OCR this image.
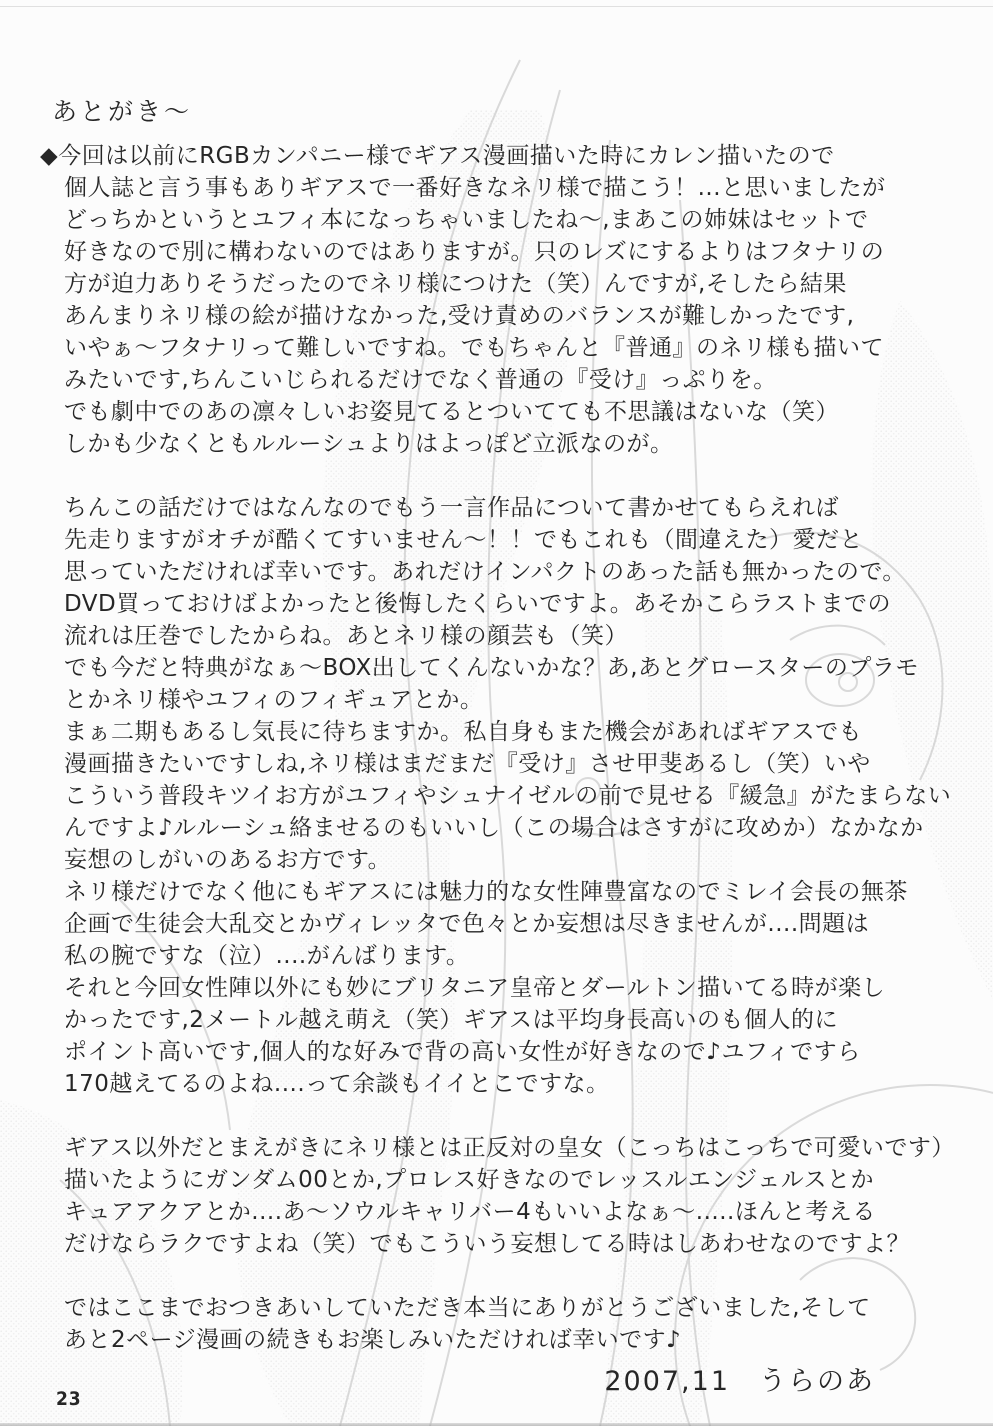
あとがき～
◆今回は以前にRGBカンパニー様でギアス漫画描いた時にカレン描いたので
個人誌と言う事もありギアスで一番好きなネリ様で描こう！...と思いましたが
どっちかというとユフィ本になっちゃいましたね～,まあこの姉妹はセットで
好きなので別に構わないのではありますが。只のレズにするよりはフタナリの
方が迫力ありそうだったのでネリ様につけた（笑）んですが,そしたら結果
あんまりネリ様の絵が描けなかった,受け責めのバランスが難しかったです,
いやぁ～フタナリって難しいですね。でもちゃんと『普通』のネリ様も描いて
みたいです,ちんこいじられるだけでなく普通の『受け』っぷりを。
でも劇中でのあの凛々しいお姿見てるとついてても不思議はないな（笑）
しかも少なくともルルーシュよりはよっぽど立派なのが。
ちんこの話だけではなんなのでもう一言作品について書かせてもらえれば
先走りますがオチが酷くてすいません～！！でもこれも（間違えた）愛だと
思っていただければ幸いです。あれだけインパクトのあった話も無かったので。
DVD買っておけばよかったと後悔したくらいですよ。あそかこらラストまでの
流れは圧巻でしたからね。あとネリ様の顔芸も（笑）
でも今だと特典がなぁ～BOX出してくんないかな？あ,あとグロースターのプラモ
とかネリ様やユフィのフィギュアとか。
まぁ二期もあるし気長に待ちますか。私自身もまた機会があればギアスでも
漫画描きたいですしね,ネリ様はまだまだ『受け』させ甲斐あるし（笑）いや
こういう普段キツイお方がユフィやシュナイゼルの前で見せる『緩急』がたまらない
んですよ♪ルルーシュ絡ませるのもいいし（この場合はさすがに攻めか）なかなか
妄想のしがいのあるお方です。
ネリ様だけでなく他にもギアスには魅力的な女性陣豊富なのでミレイ会長の無茶
企画で生徒会大乱交とかヴィレッタで色々とか妄想は尽きませんが....問題は
私の腕ですな（泣）....がんばります。
それと今回女性陣以外にも妙にブリタニア皇帝とダールトン描いてる時が楽し
かったです,2メートル越え萌え（笑）ギアスは平均身長高いのも個人的に
ポイント高いです,個人的な好みで背の高い女性が好きなので♪ユフィですら
170越えてるのよね....って余談もイイとこですな。
ギアス以外だとまえがきにネリ様とは正反対の皇女（こっちはこっちで可愛いです）
描いたようにガンダム00とか,プロレス好きなのでレッスルエンジェルスとか
キュアアクアとか....あ～ソウルキャリバー4もいいよなぁ～.....ほんと考える
だけならラクですよね（笑）でもこういう妄想してる時はしあわせなのですよ？
ではここまでおつきあいしていただき本当にありがとうございました,そして
あと2ページ漫画の続きもお楽しみいただければ幸いです♪
2007,11　うらのあ
23
